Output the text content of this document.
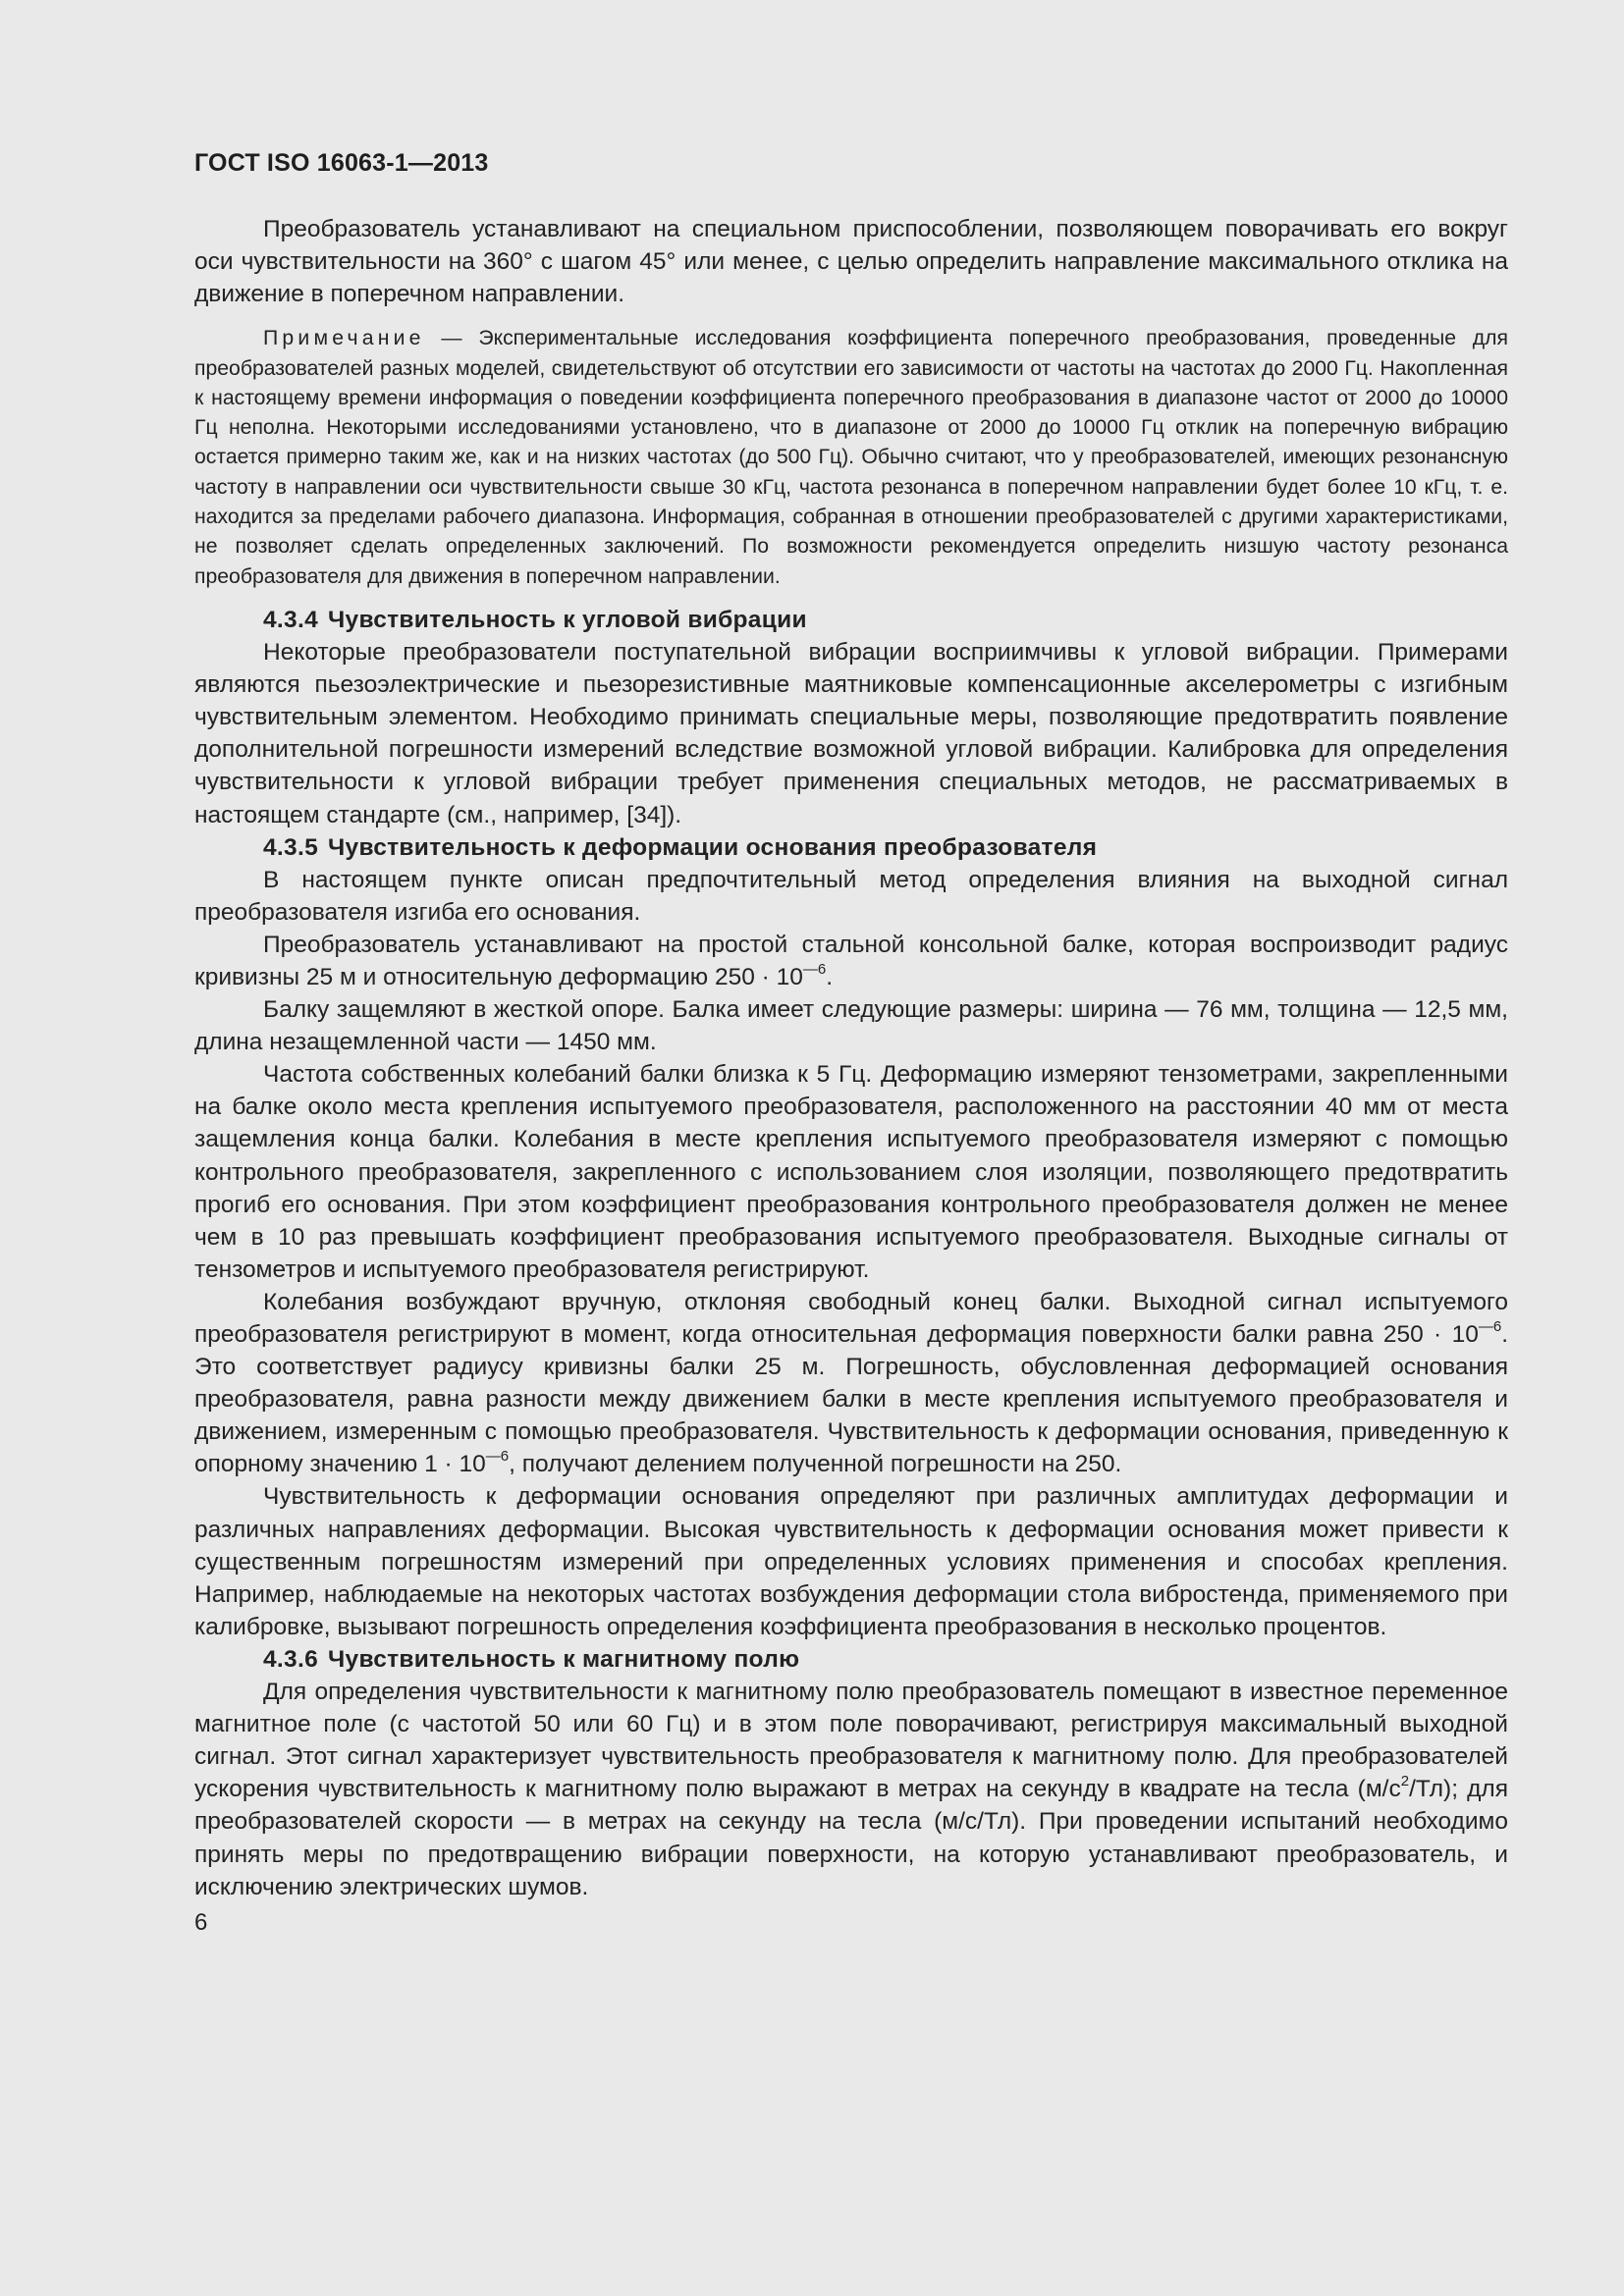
ГОСТ ISO 16063-1—2013

Преобразователь устанавливают на специальном приспособлении, позволяющем поворачивать его вокруг оси чувствительности на 360° с шагом 45° или менее, с целью определить направление максимального отклика на движение в поперечном направлении.

Примечание — Экспериментальные исследования коэффициента поперечного преобразования, проведенные для преобразователей разных моделей, свидетельствуют об отсутствии его зависимости от частоты на частотах до 2000 Гц. Накопленная к настоящему времени информация о поведении коэффициента поперечного преобразования в диапазоне частот от 2000 до 10000 Гц неполна. Некоторыми исследованиями установлено, что в диапазоне от 2000 до 10000 Гц отклик на поперечную вибрацию остается примерно таким же, как и на низких частотах (до 500 Гц). Обычно считают, что у преобразователей, имеющих резонансную частоту в направлении оси чувствительности свыше 30 кГц, частота резонанса в поперечном направлении будет более 10 кГц, т. е. находится за пределами рабочего диапазона. Информация, собранная в отношении преобразователей с другими характеристиками, не позволяет сделать определенных заключений. По возможности рекомендуется определить низшую частоту резонанса преобразователя для движения в поперечном направлении.

4.3.4 Чувствительность к угловой вибрации

Некоторые преобразователи поступательной вибрации восприимчивы к угловой вибрации. Примерами являются пьезоэлектрические и пьезорезистивные маятниковые компенсационные акселерометры с изгибным чувствительным элементом. Необходимо принимать специальные меры, позволяющие предотвратить появление дополнительной погрешности измерений вследствие возможной угловой вибрации. Калибровка для определения чувствительности к угловой вибрации требует применения специальных методов, не рассматриваемых в настоящем стандарте (см., например, [34]).

4.3.5 Чувствительность к деформации основания преобразователя

В настоящем пункте описан предпочтительный метод определения влияния на выходной сигнал преобразователя изгиба его основания.

Преобразователь устанавливают на простой стальной консольной балке, которая воспроизводит радиус кривизны 25 м и относительную деформацию $250 \cdot 10^{—6}$.

Балку защемляют в жесткой опоре. Балка имеет следующие размеры: ширина — 76 мм, толщина — 12,5 мм, длина незащемленной части — 1450 мм.

Частота собственных колебаний балки близка к 5 Гц. Деформацию измеряют тензометрами, закрепленными на балке около места крепления испытуемого преобразователя, расположенного на расстоянии 40 мм от места защемления конца балки. Колебания в месте крепления испытуемого преобразователя измеряют с помощью контрольного преобразователя, закрепленного с использованием слоя изоляции, позволяющего предотвратить прогиб его основания. При этом коэффициент преобразования контрольного преобразователя должен не менее чем в 10 раз превышать коэффициент преобразования испытуемого преобразователя. Выходные сигналы от тензометров и испытуемого преобразователя регистрируют.

Колебания возбуждают вручную, отклоняя свободный конец балки. Выходной сигнал испытуемого преобразователя регистрируют в момент, когда относительная деформация поверхности балки равна $250 \cdot 10^{—6}$. Это соответствует радиусу кривизны балки 25 м. Погрешность, обусловленная деформацией основания преобразователя, равна разности между движением балки в месте крепления испытуемого преобразователя и движением, измеренным с помощью преобразователя. Чувствительность к деформации основания, приведенную к опорному значению $1 \cdot 10^{—6}$, получают делением полученной погрешности на 250.

Чувствительность к деформации основания определяют при различных амплитудах деформации и различных направлениях деформации. Высокая чувствительность к деформации основания может привести к существенным погрешностям измерений при определенных условиях применения и способах крепления. Например, наблюдаемые на некоторых частотах возбуждения деформации стола вибростенда, применяемого при калибровке, вызывают погрешность определения коэффициента преобразования в несколько процентов.

4.3.6 Чувствительность к магнитному полю

Для определения чувствительности к магнитному полю преобразователь помещают в известное переменное магнитное поле (с частотой 50 или 60 Гц) и в этом поле поворачивают, регистрируя максимальный выходной сигнал. Этот сигнал характеризует чувствительность преобразователя к магнитному полю. Для преобразователей ускорения чувствительность к магнитному полю выражают в метрах на секунду в квадрате на тесла $(м/с^2/Тл)$; для преобразователей скорости — в метрах на секунду на тесла (м/с/Тл). При проведении испытаний необходимо принять меры по предотвращению вибрации поверхности, на которую устанавливают преобразователь, и исключению электрических шумов.

6
